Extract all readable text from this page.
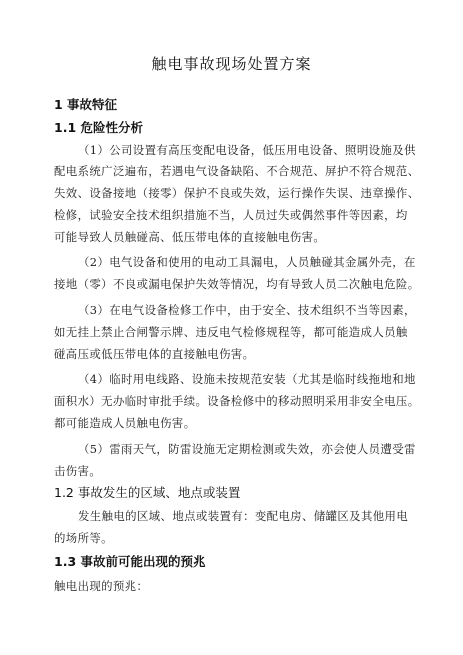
触电事故现场处置方案
1 事故特征
1.1 危险性分析
（1）公司设置有高压变配电设备，低压用电设备、照明设施及供
配电系统广泛遍布，若遇电气设备缺陷、不合规范、屏护不符合规范、
失效、设备接地（接零）保护不良或失效，运行操作失误、违章操作、
检修，试验安全技术组织措施不当，人员过失或偶然事件等因素，均
可能导致人员触碰高、低压带电体的直接触电伤害。
（2）电气设备和使用的电动工具漏电，人员触碰其金属外壳，在
接地（零）不良或漏电保护失效等情况，均有导致人员二次触电危险。
（3）在电气设备检修工作中，由于安全、技术组织不当等因素，
如无挂上禁止合闸警示牌、违反电气检修规程等，都可能造成人员触
碰高压或低压带电体的直接触电伤害。
（4）临时用电线路、设施未按规范安装（尤其是临时线拖地和地
面积水）无办临时审批手续。设备检修中的移动照明采用非安全电压。
都可能造成人员触电伤害。
（5）雷雨天气，防雷设施无定期检测或失效，亦会使人员遭受雷
击伤害。
1.2 事故发生的区域、地点或装置
发生触电的区域、地点或装置有：变配电房、储罐区及其他用电
的场所等。
1.3 事故前可能出现的预兆
触电出现的预兆：
